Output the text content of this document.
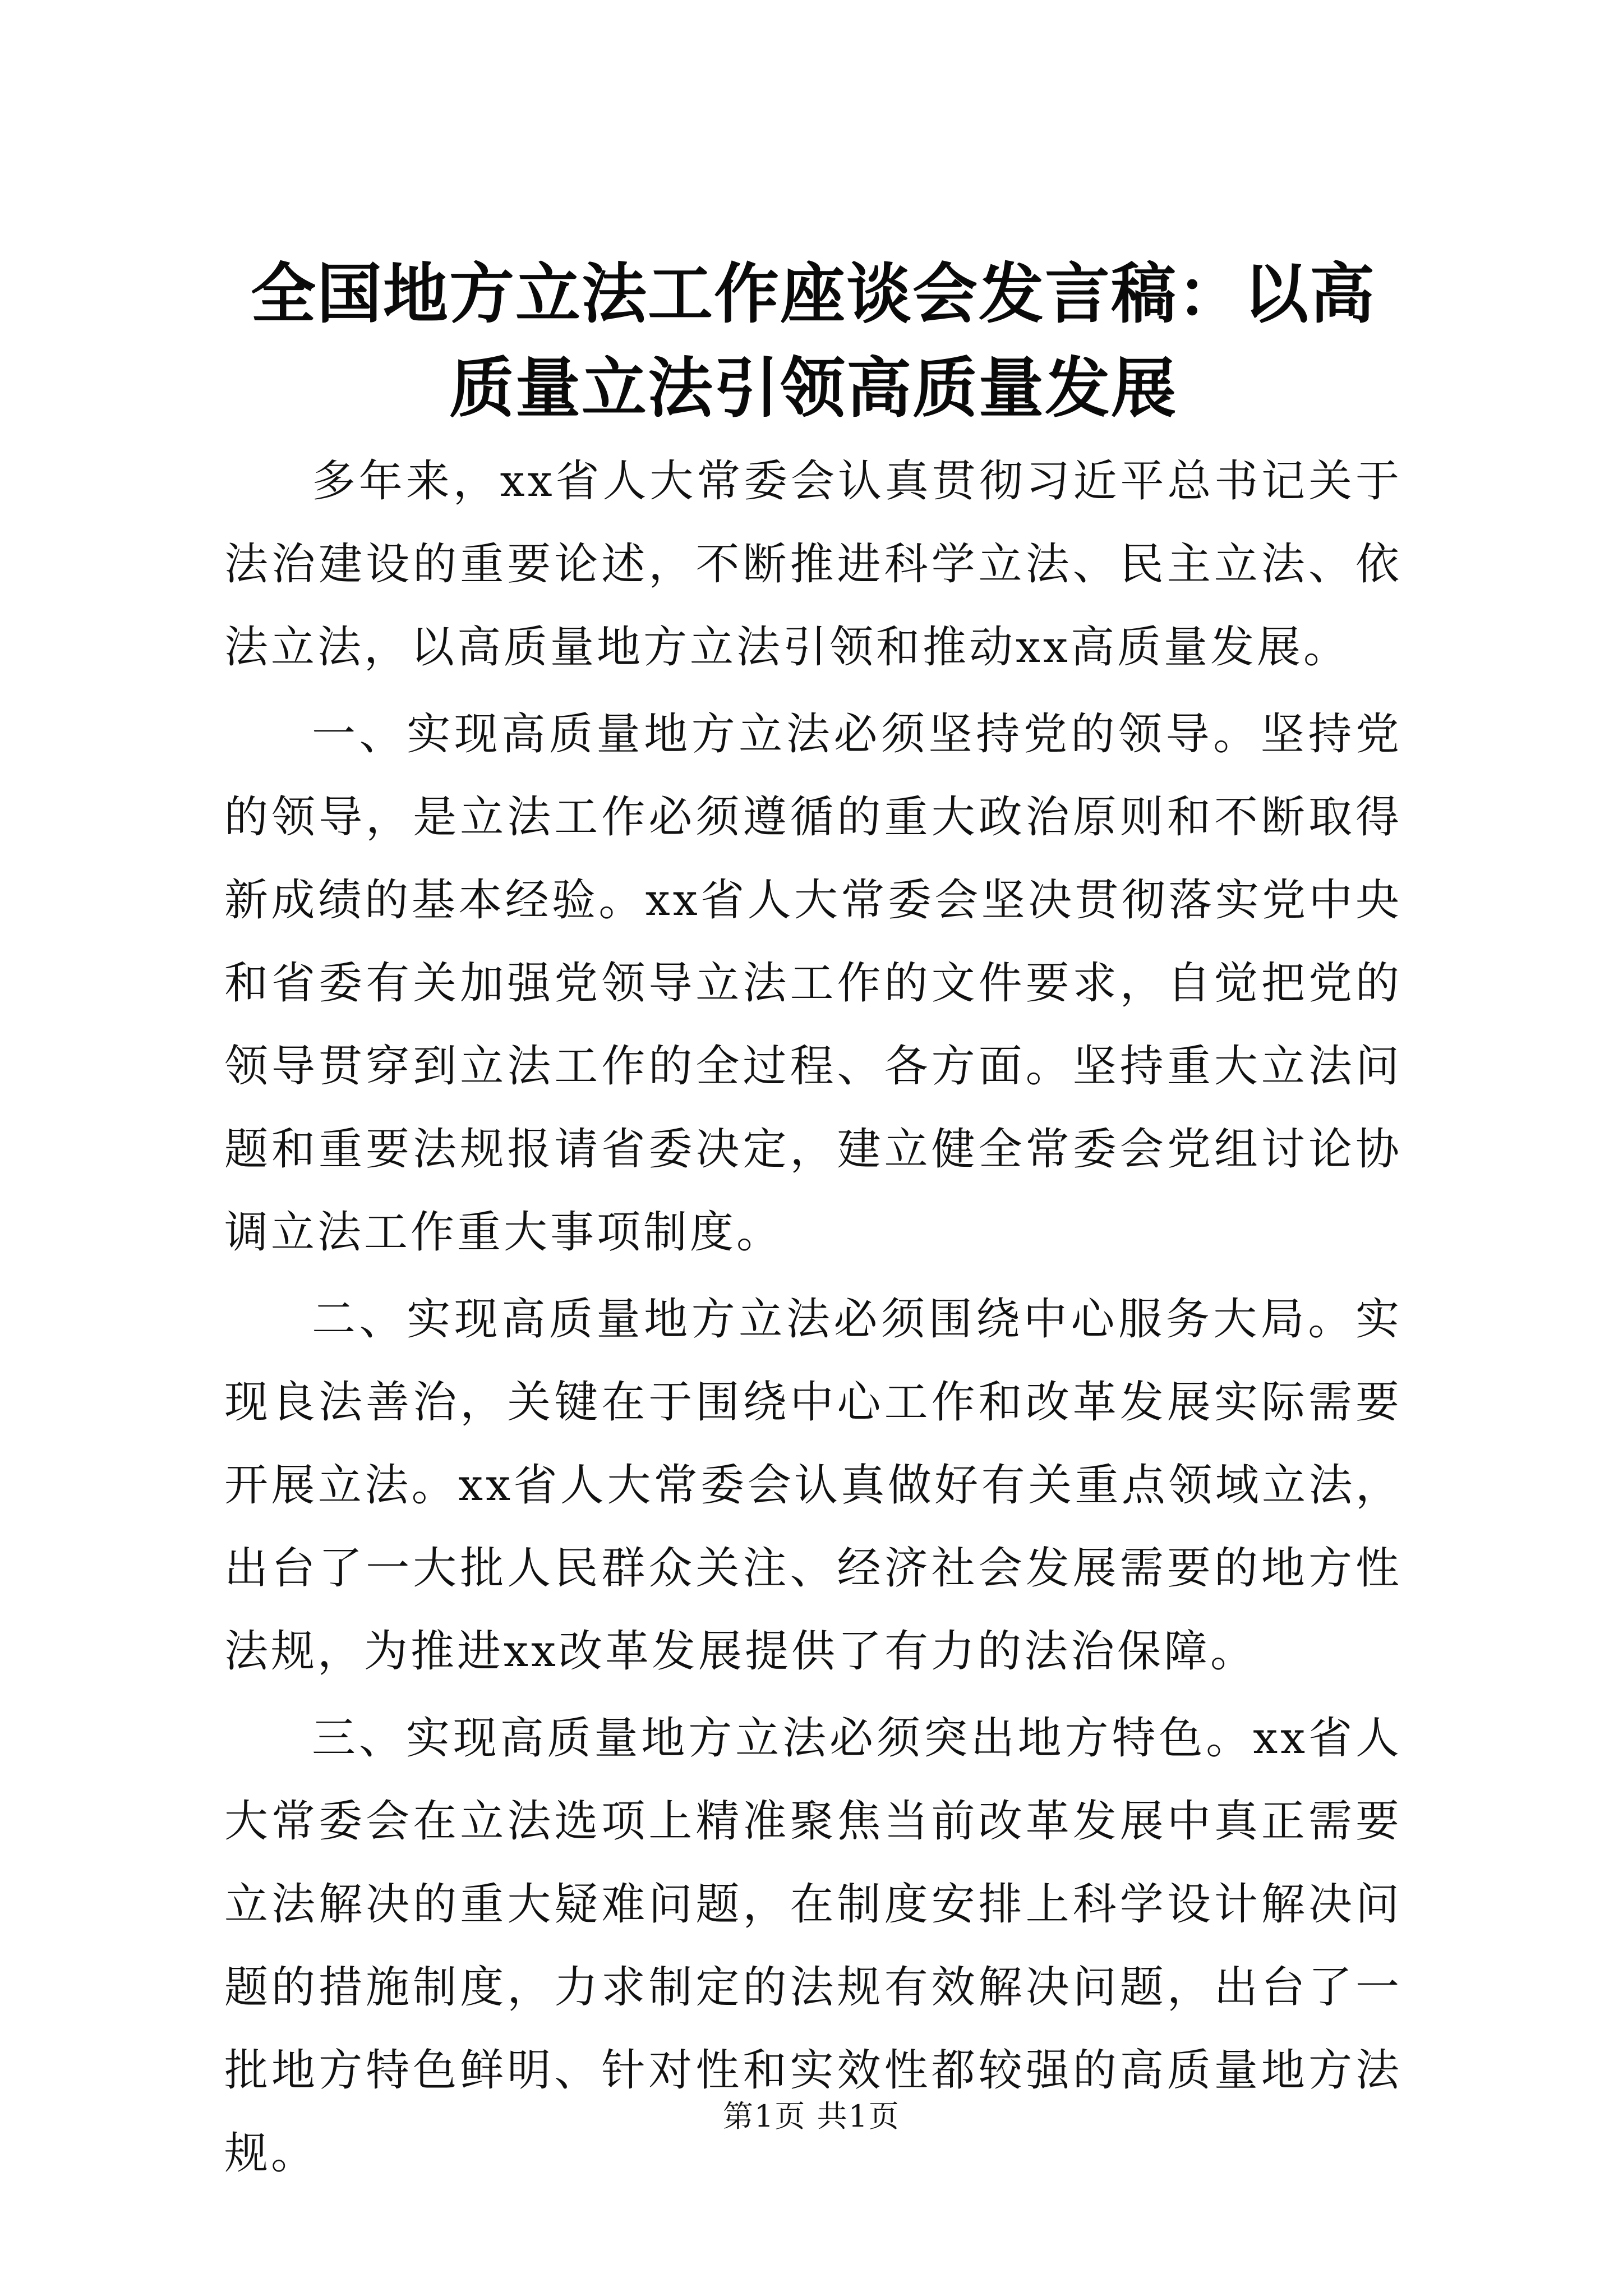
全国地方立法工作座谈会发言稿：以高质量立法引领高质量发展

多年来，xx省人大常委会认真贯彻习近平总书记关于法治建设的重要论述，不断推进科学立法、民主立法、依法立法，以高质量地方立法引领和推动xx高质量发展。

一、实现高质量地方立法必须坚持党的领导。坚持党的领导，是立法工作必须遵循的重大政治原则和不断取得新成绩的基本经验。xx省人大常委会坚决贯彻落实党中央和省委有关加强党领导立法工作的文件要求，自觉把党的领导贯穿到立法工作的全过程、各方面。坚持重大立法问题和重要法规报请省委决定，建立健全常委会党组讨论协调立法工作重大事项制度。

二、实现高质量地方立法必须围绕中心服务大局。实现良法善治，关键在于围绕中心工作和改革发展实际需要开展立法。xx省人大常委会认真做好有关重点领域立法，出台了一大批人民群众关注、经济社会发展需要的地方性法规，为推进xx改革发展提供了有力的法治保障。

三、实现高质量地方立法必须突出地方特色。xx省人大常委会在立法选项上精准聚焦当前改革发展中真正需要立法解决的重大疑难问题，在制度安排上科学设计解决问题的措施制度，力求制定的法规有效解决问题，出台了一批地方特色鲜明、针对性和实效性都较强的高质量地方法规。

第1页 共1页
